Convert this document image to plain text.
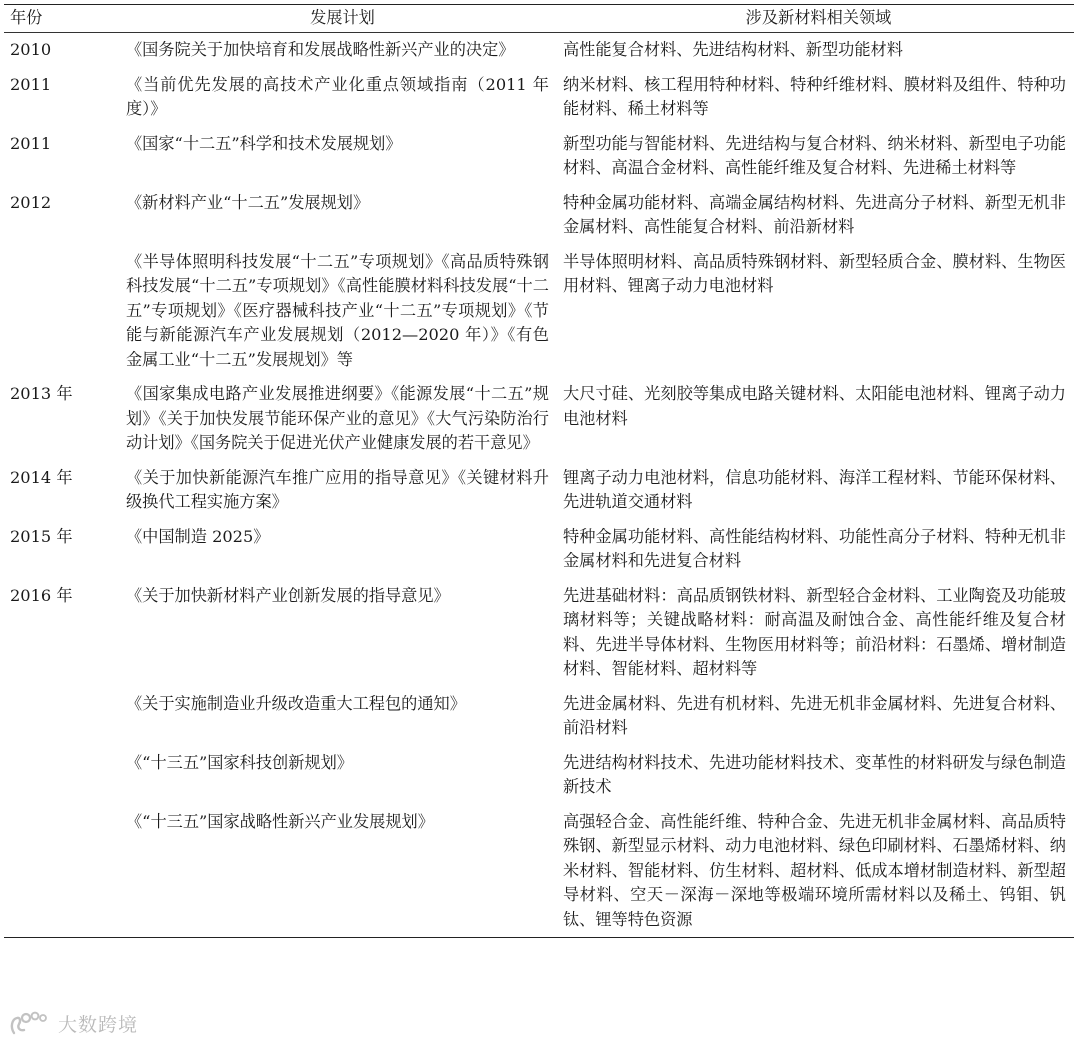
年份	发展计划	涉及新材料相关领域
2010	《国务院关于加快培育和发展战略性新兴产业的决定》	高性能复合材料、先进结构材料、新型功能材料
2011	《当前优先发展的高技术产业化重点领域指南（2011 年度）》	纳米材料、核工程用特种材料、特种纤维材料、膜材料及组件、特种功能材料、稀土材料等
2011	《国家“十二五”科学和技术发展规划》	新型功能与智能材料、先进结构与复合材料、纳米材料、新型电子功能材料、高温合金材料、高性能纤维及复合材料、先进稀土材料等
2012	《新材料产业“十二五”发展规划》	特种金属功能材料、高端金属结构材料、先进高分子材料、新型无机非金属材料、高性能复合材料、前沿新材料
	《半导体照明科技发展“十二五”专项规划》《高品质特殊钢科技发展“十二五”专项规划》《高性能膜材料科技发展“十二五”专项规划》《医疗器械科技产业“十二五”专项规划》《节能与新能源汽车产业发展规划（2012—2020 年）》《有色金属工业“十二五”发展规划》等	半导体照明材料、高品质特殊钢材料、新型轻质合金、膜材料、生物医用材料、锂离子动力电池材料
2013 年	《国家集成电路产业发展推进纲要》《能源发展“十二五”规划》《关于加快发展节能环保产业的意见》《大气污染防治行动计划》《国务院关于促进光伏产业健康发展的若干意见》	大尺寸硅、光刻胶等集成电路关键材料、太阳能电池材料、锂离子动力电池材料
2014 年	《关于加快新能源汽车推广应用的指导意见》《关键材料升级换代工程实施方案》	锂离子动力电池材料，信息功能材料、海洋工程材料、节能环保材料、先进轨道交通材料
2015 年	《中国制造 2025》	特种金属功能材料、高性能结构材料、功能性高分子材料、特种无机非金属材料和先进复合材料
2016 年	《关于加快新材料产业创新发展的指导意见》	先进基础材料：高品质钢铁材料、新型轻合金材料、工业陶瓷及功能玻璃材料等；关键战略材料：耐高温及耐蚀合金、高性能纤维及复合材料、先进半导体材料、生物医用材料等；前沿材料：石墨烯、增材制造材料、智能材料、超材料等
	《关于实施制造业升级改造重大工程包的通知》	先进金属材料、先进有机材料、先进无机非金属材料、先进复合材料、前沿材料
	《“十三五”国家科技创新规划》	先进结构材料技术、先进功能材料技术、变革性的材料研发与绿色制造新技术
	《“十三五”国家战略性新兴产业发展规划》	高强轻合金、高性能纤维、特种合金、先进无机非金属材料、高品质特殊钢、新型显示材料、动力电池材料、绿色印刷材料、石墨烯材料、纳米材料、智能材料、仿生材料、超材料、低成本增材制造材料、新型超导材料、空天－深海－深地等极端环境所需材料以及稀土、钨钼、钒钛、锂等特色资源
大数跨境
